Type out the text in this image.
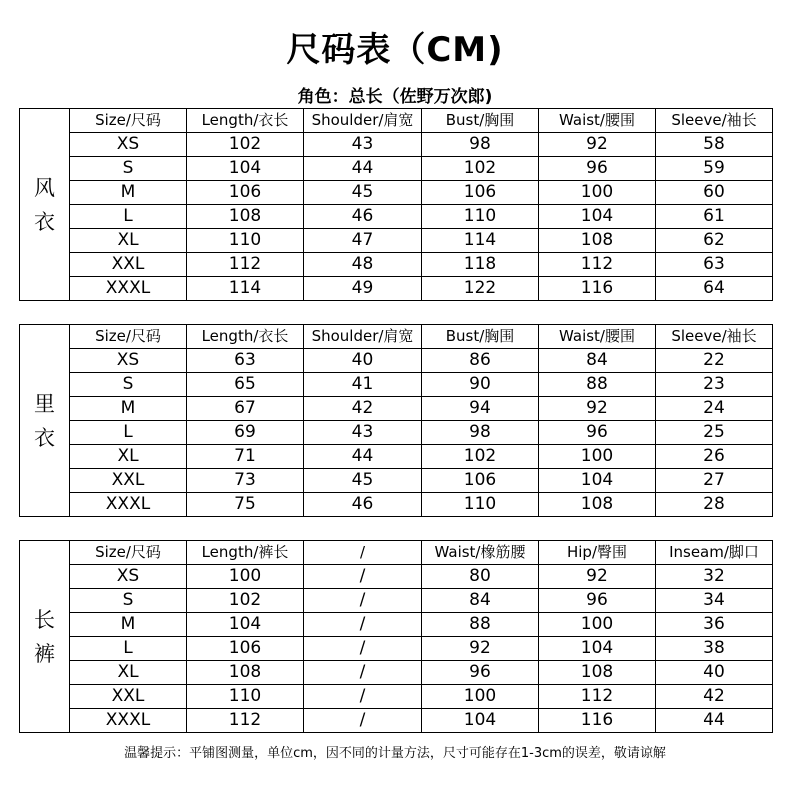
尺码表（CM)
角色：总长（佐野万次郎)
风
衣	Size/尺码	Length/衣长	Shoulder/肩宽	Bust/胸围	Waist/腰围	Sleeve/袖长
	XS	102	43	98	92	58
	S	104	44	102	96	59
	M	106	45	106	100	60
	L	108	46	110	104	61
	XL	110	47	114	108	62
	XXL	112	48	118	112	63
	XXXL	114	49	122	116	64
里
衣	Size/尺码	Length/衣长	Shoulder/肩宽	Bust/胸围	Waist/腰围	Sleeve/袖长
	XS	63	40	86	84	22
	S	65	41	90	88	23
	M	67	42	94	92	24
	L	69	43	98	96	25
	XL	71	44	102	100	26
	XXL	73	45	106	104	27
	XXXL	75	46	110	108	28
长
裤	Size/尺码	Length/裤长	/	Waist/橡筋腰	Hip/臀围	Inseam/脚口
	XS	100	/	80	92	32
	S	102	/	84	96	34
	M	104	/	88	100	36
	L	106	/	92	104	38
	XL	108	/	96	108	40
	XXL	110	/	100	112	42
	XXXL	112	/	104	116	44
温馨提示：平铺图测量，单位cm，因不同的计量方法，尺寸可能存在1-3cm的误差，敬请谅解
